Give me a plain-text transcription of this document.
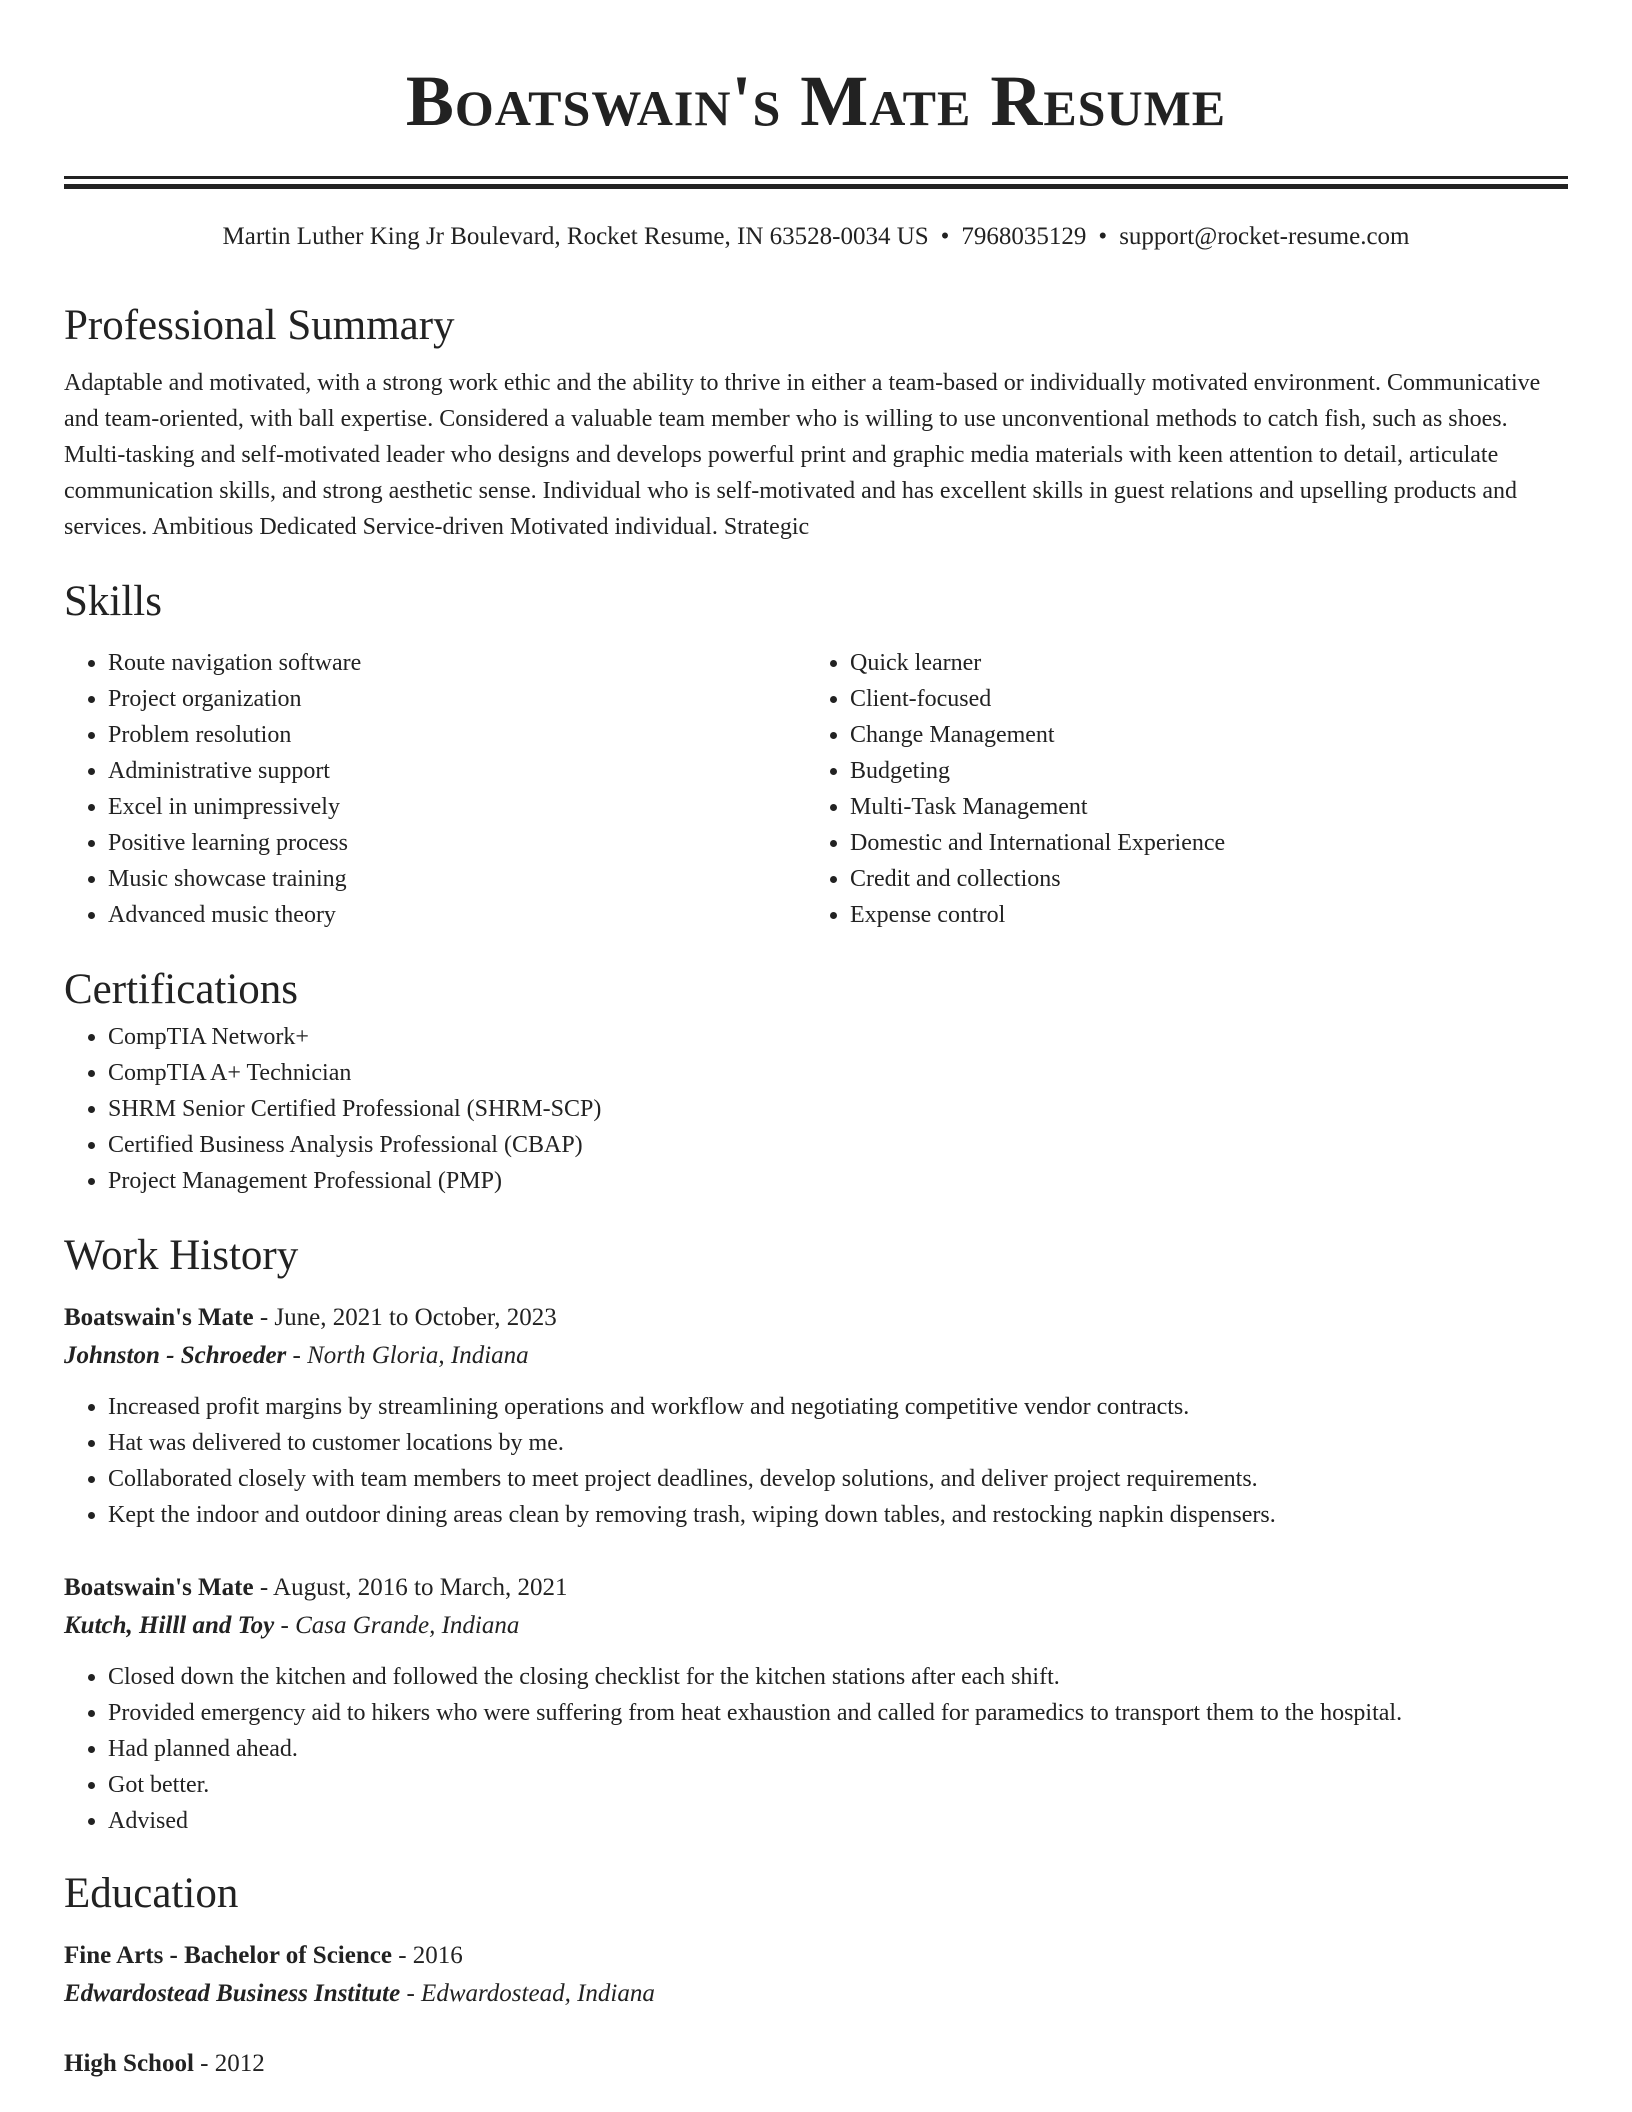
Boatswain's Mate Resume
Martin Luther King Jr Boulevard, Rocket Resume, IN 63528-0034 US • 7968035129 • support@rocket-resume.com
Professional Summary

Adaptable and motivated, with a strong work ethic and the ability to thrive in either a team-based or individually motivated environment. Communicative and team-oriented, with ball expertise. Considered a valuable team member who is willing to use unconventional methods to catch fish, such as shoes. Multi-tasking and self-motivated leader who designs and develops powerful print and graphic media materials with keen attention to detail, articulate communication skills, and strong aesthetic sense. Individual who is self-motivated and has excellent skills in guest relations and upselling products and services. Ambitious Dedicated Service-driven Motivated individual. Strategic

Skills
• Route navigation software
• Project organization
• Problem resolution
• Administrative support
• Excel in unimpressively
• Positive learning process
• Music showcase training
• Advanced music theory
• Quick learner
• Client-focused
• Change Management
• Budgeting
• Multi-Task Management
• Domestic and International Experience
• Credit and collections
• Expense control
Certifications
• CompTIA Network+
• CompTIA A+ Technician
• SHRM Senior Certified Professional (SHRM-SCP)
• Certified Business Analysis Professional (CBAP)
• Project Management Professional (PMP)
Work History
Boatswain's Mate - June, 2021 to October, 2023
Johnston - Schroeder - North Gloria, Indiana
• Increased profit margins by streamlining operations and workflow and negotiating competitive vendor contracts.
• Hat was delivered to customer locations by me.
• Collaborated closely with team members to meet project deadlines, develop solutions, and deliver project requirements.
• Kept the indoor and outdoor dining areas clean by removing trash, wiping down tables, and restocking napkin dispensers.
Boatswain's Mate - August, 2016 to March, 2021
Kutch, Hilll and Toy - Casa Grande, Indiana
• Closed down the kitchen and followed the closing checklist for the kitchen stations after each shift.
• Provided emergency aid to hikers who were suffering from heat exhaustion and called for paramedics to transport them to the hospital.
• Had planned ahead.
• Got better.
• Advised
Education
Fine Arts - Bachelor of Science - 2016
Edwardostead Business Institute - Edwardostead, Indiana
High School - 2012
